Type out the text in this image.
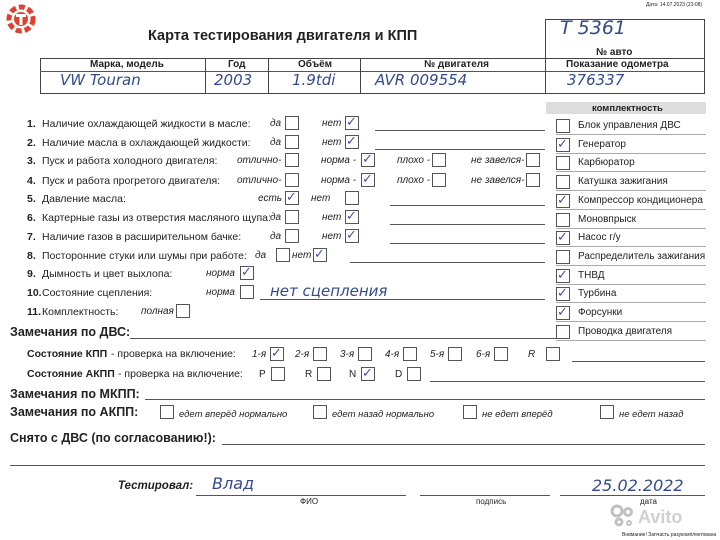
Дата: 14.07.2023 (23:08)
Карта тестирования двигателя и КПП	Т 5361
№ авто
Марка, модель	Год	Объём	№ двигателя	Показание одометра
VW Touran	2003	1.9tdi	AVR 009554	376337
комплектность
1. Наличие охлаждающей жидкости в масле: да	нет ✓
2. Наличие масла в охлаждающей жидкости: да	нет ✓
3. Пуск и работа холодного двигателя: отлично-	норма - ✓ плохо -	не завелся-
4. Пуск и работа прогретого двигателя: отлично-	норма - ✓ плохо -	не завелся-
5. Давление масла:	есть ✓ нет
6. Картерные газы из отверстия масляного щупа: да	нет ✓
7. Наличие газов в расширительном бачке:	да	нет ✓
8. Посторонние стуки или шумы при работе: да	нет ✓
9. Дымность и цвет выхлопа:	норма ✓
10. Состояние сцепления:	норма нет сцепления
11. Комплектность: полная
Блок управления ДВС
✓ Генератор
Карбюратор
Катушка зажигания
✓ Компрессор кондиционера
Моновпрыск
✓ Насос г/у
Распределитель зажигания
✓ ТНВД
✓ Турбина
✓ Форсунки
Проводка двигателя
Замечания по ДВС:
Состояние КПП - проверка на включение: 1-я ✓ 2-я	3-я	4-я	5-я	6-я	R
Состояние АКПП - проверка на включение: P	R	N ✓ D
Замечания по МКПП:
Замечания по АКПП:	едет вперёд нормально	едет назад нормально	не едет вперёд	не едет назад
Снято с ДВС (по согласованию!):
Тестировал: Влад	25.02.2022
ФИО	подпись	дата
Avito
Внимание! Запчасть разукомплектована
